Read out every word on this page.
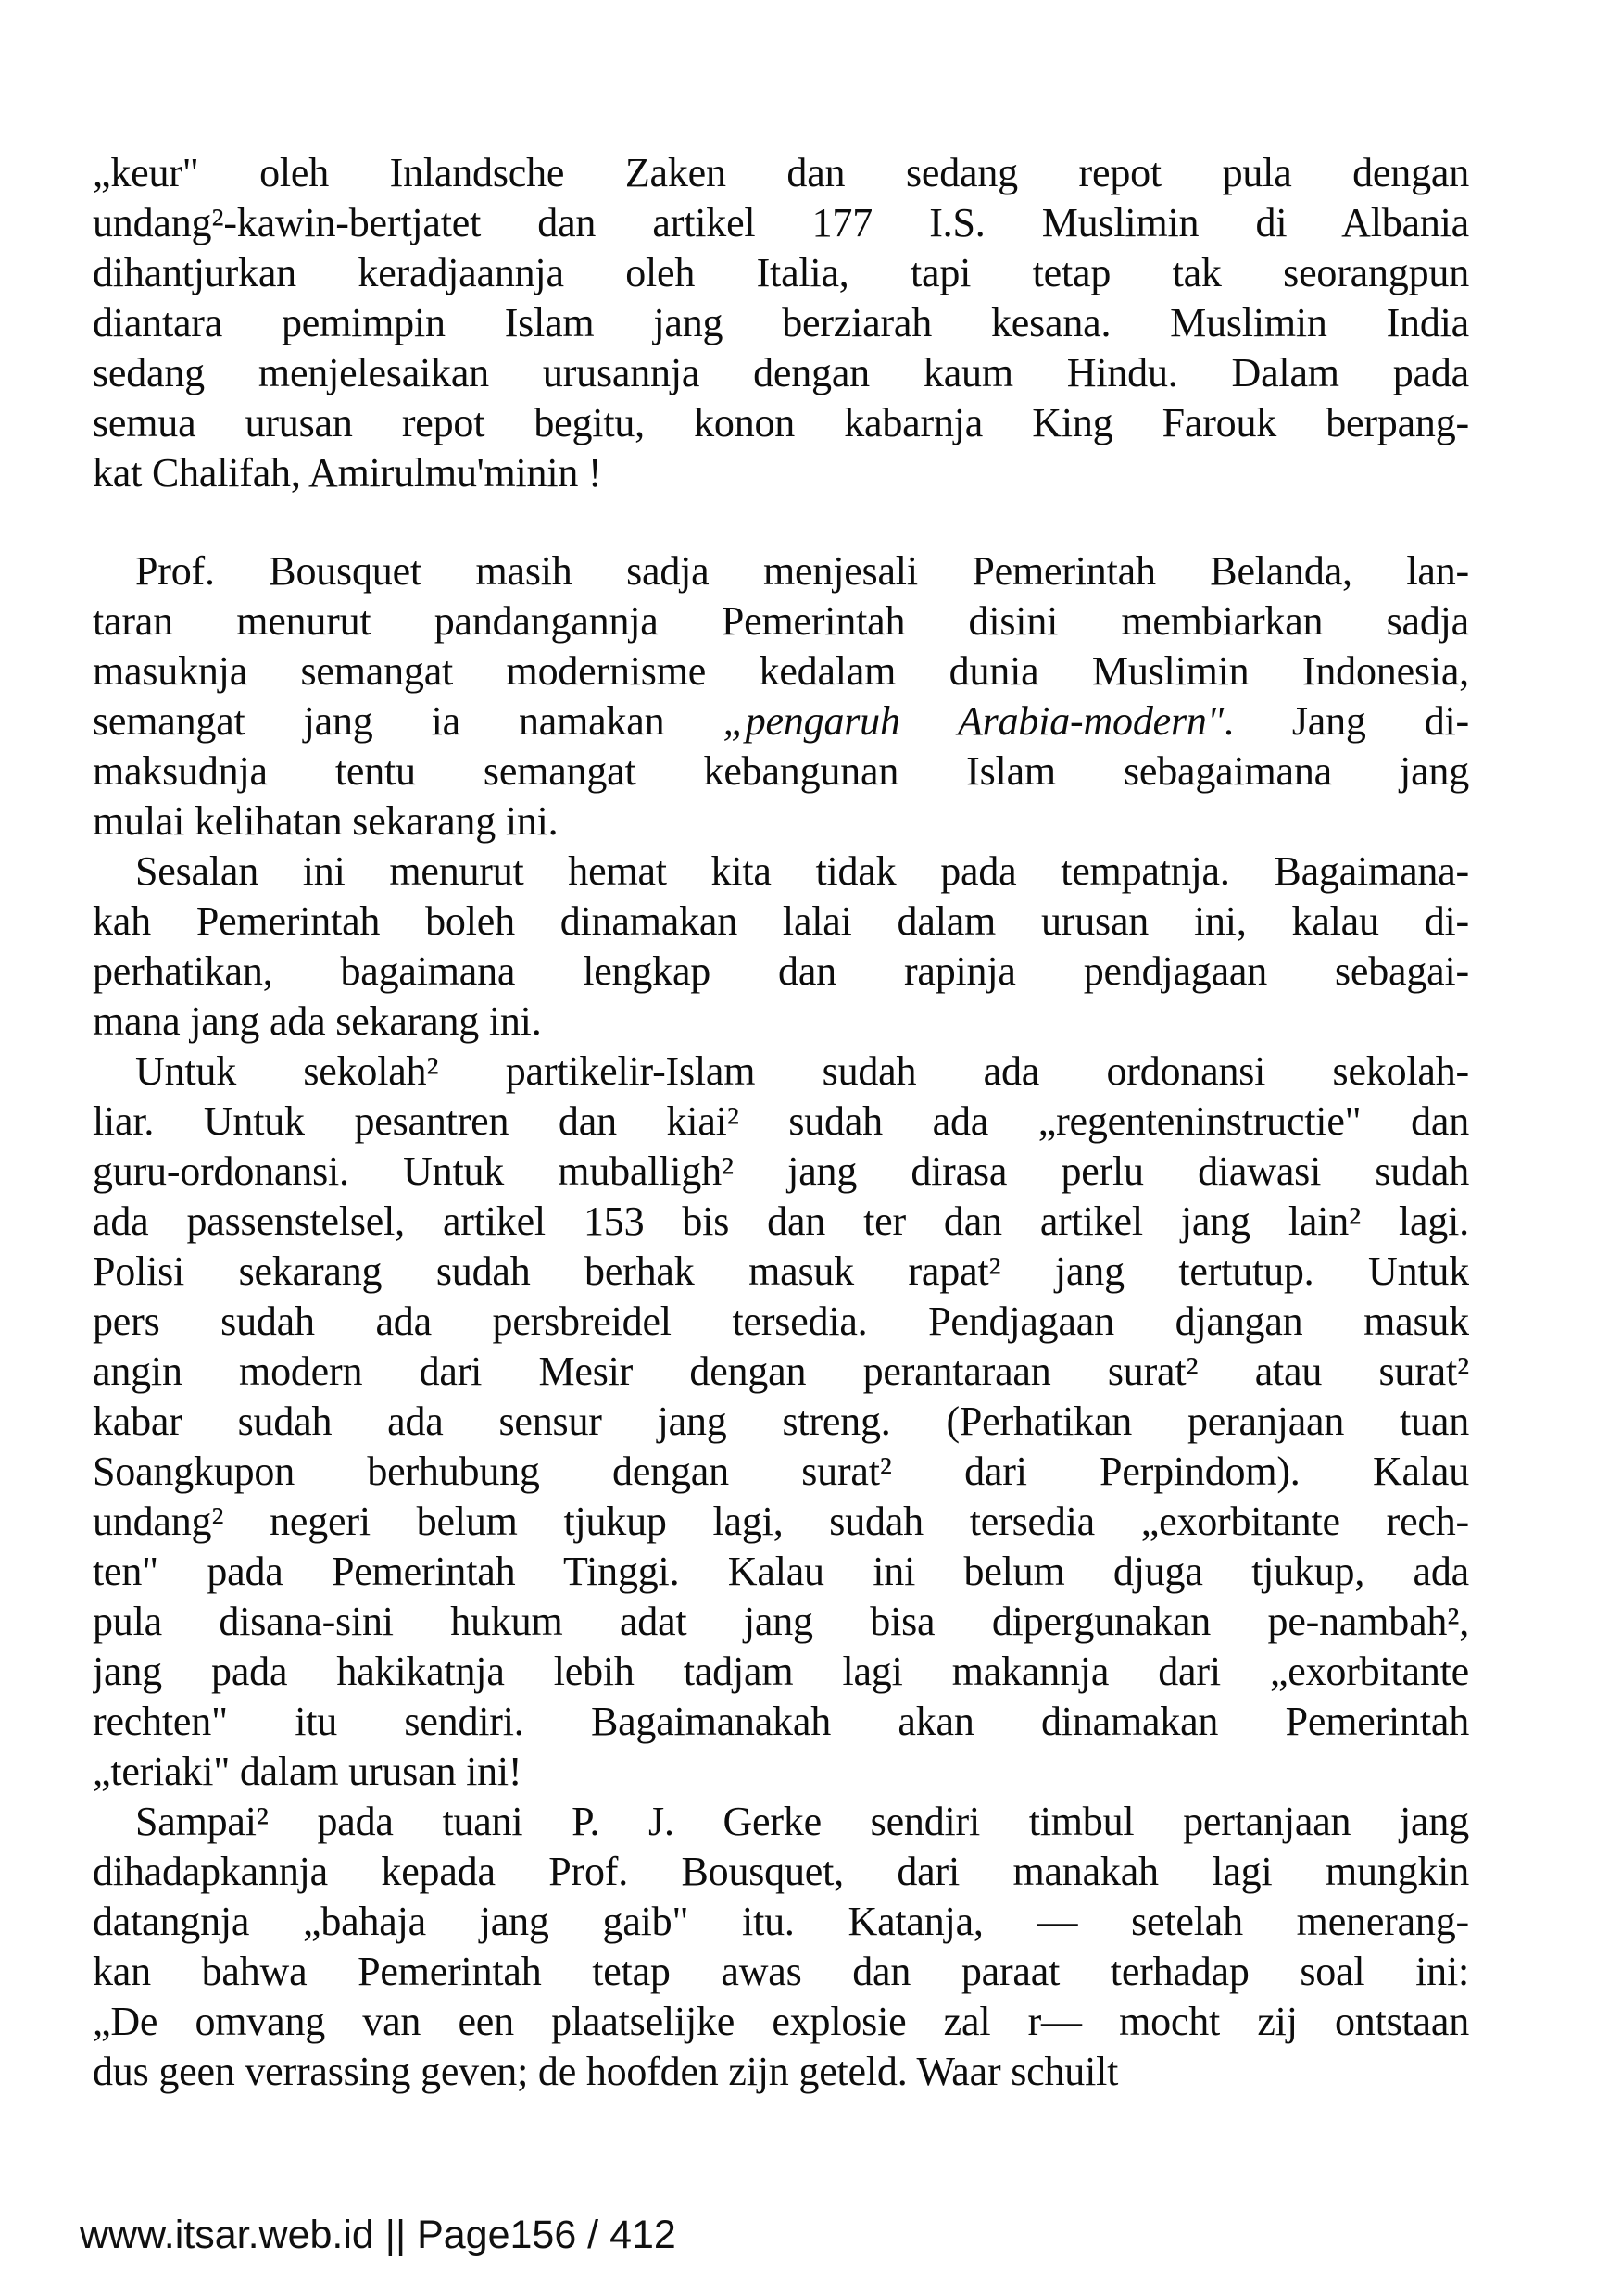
„keur" oleh Inlandsche Zaken dan sedang repot pula dengan
undang²-kawin-bertjatet dan artikel 177 I.S. Muslimin di Albania
dihantjurkan keradjaannja oleh Italia, tapi tetap tak seorangpun
diantara pemimpin Islam jang berziarah kesana. Muslimin India
sedang menjelesaikan urusannja dengan kaum Hindu. Dalam pada
semua urusan repot begitu, konon kabarnja King Farouk berpang-
kat Chalifah, Amirulmu'minin !
Prof. Bousquet masih sadja menjesali Pemerintah Belanda, lan-
taran menurut pandangannja Pemerintah disini membiarkan sadja
masuknja semangat modernisme kedalam dunia Muslimin Indonesia,
semangat jang ia namakan „pengaruh Arabia-modern". Jang di-
maksudnja tentu semangat kebangunan Islam sebagaimana jang
mulai kelihatan sekarang ini.
Sesalan ini menurut hemat kita tidak pada tempatnja. Bagaimana-
kah Pemerintah boleh dinamakan lalai dalam urusan ini, kalau di-
perhatikan, bagaimana lengkap dan rapinja pendjagaan sebagai-
mana jang ada sekarang ini.
Untuk sekolah² partikelir-Islam sudah ada ordonansi sekolah-
liar. Untuk pesantren dan kiai² sudah ada „regenteninstructie" dan
guru-ordonansi. Untuk muballigh² jang dirasa perlu diawasi sudah
ada passenstelsel, artikel 153 bis dan ter dan artikel jang lain² lagi.
Polisi sekarang sudah berhak masuk rapat² jang tertutup. Untuk
pers sudah ada persbreidel tersedia. Pendjagaan djangan masuk
angin modern dari Mesir dengan perantaraan surat² atau surat²
kabar sudah ada sensur jang streng. (Perhatikan peranjaan tuan
Soangkupon berhubung dengan surat² dari Perpindom). Kalau
undang² negeri belum tjukup lagi, sudah tersedia „exorbitante rech-
ten" pada Pemerintah Tinggi. Kalau ini belum djuga tjukup, ada
pula disana-sini hukum adat jang bisa dipergunakan pe-nambah²,
jang pada hakikatnja lebih tadjam lagi makannja dari „exorbitante
rechten" itu sendiri. Bagaimanakah akan dinamakan Pemerintah
„teriaki" dalam urusan ini!
Sampai² pada tuani P. J. Gerke sendiri timbul pertanjaan jang
dihadapkannja kepada Prof. Bousquet, dari manakah lagi mungkin
datangnja „bahaja jang gaib" itu. Katanja, — setelah menerang-
kan bahwa Pemerintah tetap awas dan paraat terhadap soal ini:
„De omvang van een plaatselijke explosie zal r— mocht zij ontstaan
dus geen verrassing geven; de hoofden zijn geteld. Waar schuilt
www.itsar.web.id || Page156 / 412
